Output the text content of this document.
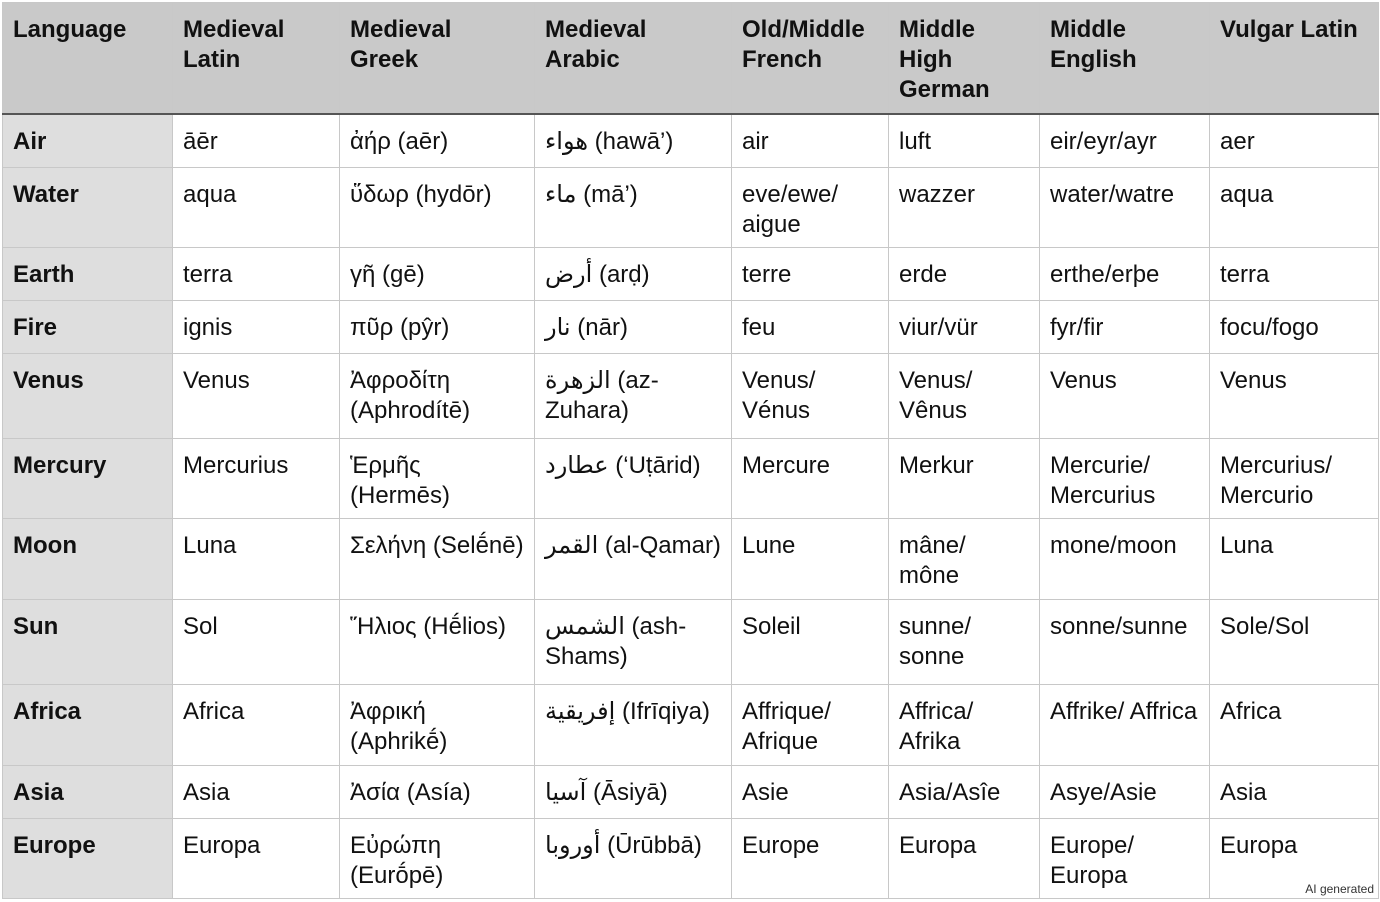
Language	Medieval Latin	Medieval Greek	Medieval Arabic	Old/Middle French	Middle High German	Middle English	Vulgar Latin
Air	āēr	ἀήρ (aēr)	هواء (hawā’)	air	luft	eir/eyr/ayr	aer
Water	aqua	ὕδωρ (hydōr)	ماء (mā’)	eve/ewe/ aigue	wazzer	water/watre	aqua
Earth	terra	γῆ (gē)	أرض (arḍ)	terre	erde	erthe/erþe	terra
Fire	ignis	πῦρ (pŷr)	نار (nār)	feu	viur/vür	fyr/fir	focu/fogo
Venus	Venus	Ἀφροδίτη (Aphrodítē)	الزهرة (az-Zuhara)	Venus/ Vénus	Venus/ Vênus	Venus	Venus
Mercury	Mercurius	Ἑρμῆς (Hermēs)	عطارد (‘Uṭārid)	Mercure	Merkur	Mercurie/ Mercurius	Mercurius/ Mercurio
Moon	Luna	Σελήνη (Selḗnē)	القمر (al-Qamar)	Lune	mâne/ mône	mone/moon	Luna
Sun	Sol	Ἥλιος (Hḗlios)	الشمس (ash-Shams)	Soleil	sunne/ sonne	sonne/sunne	Sole/Sol
Africa	Africa	Ἀφρική (Aphrikḗ)	إفريقية (Ifrīqiya)	Affrique/ Afrique	Affrica/ Afrika	Affrike/ Affrica	Africa
Asia	Asia	Ἀσία (Asía)	آسيا (Āsiyā)	Asie	Asia/Asîe	Asye/Asie	Asia
Europe	Europa	Εὐρώπη (Eurṓpē)	أوروبا (Ūrūbbā)	Europe	Europa	Europe/ Europa	Europa
AI generated
